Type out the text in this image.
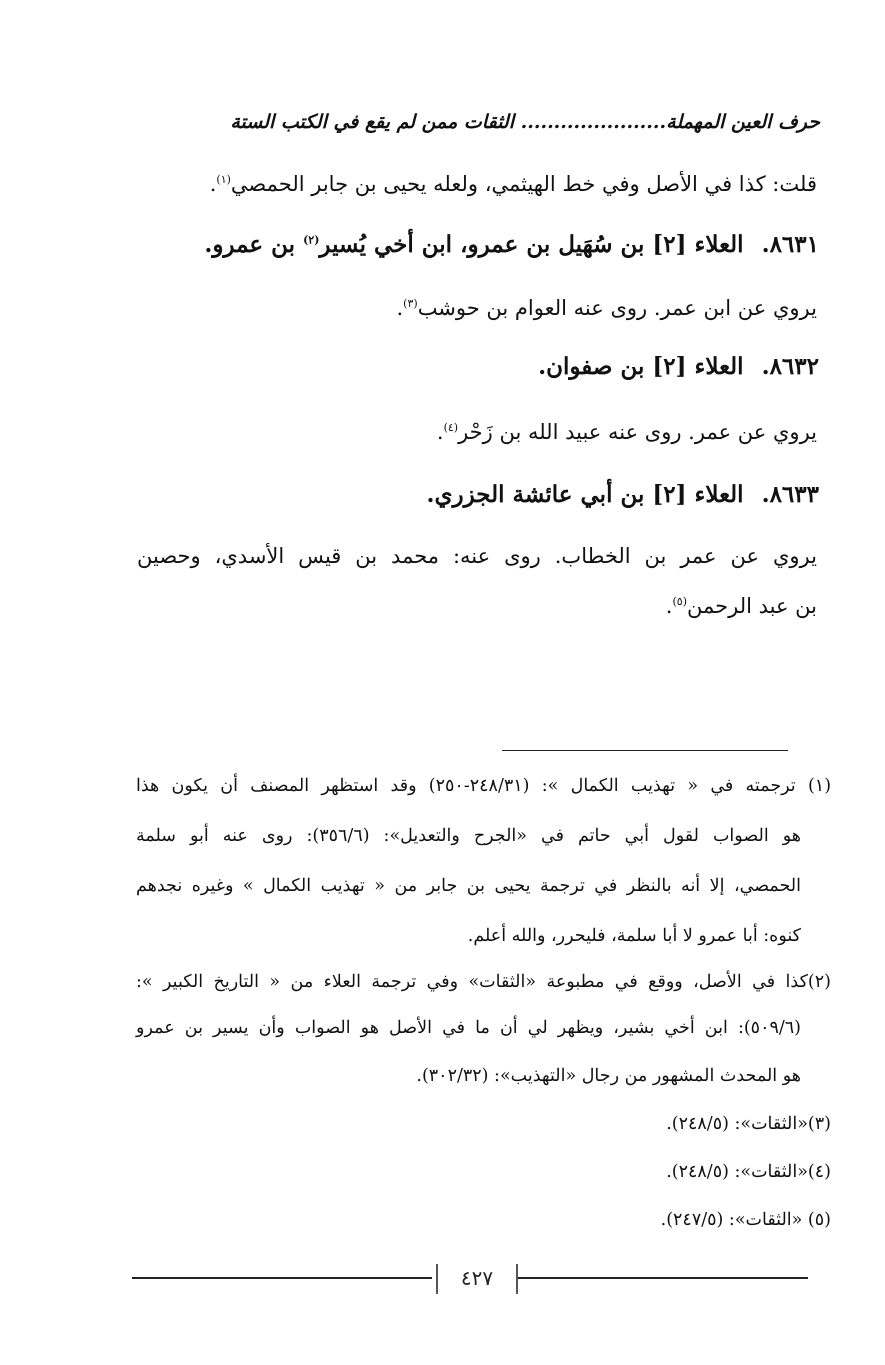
حرف العين المهملة...................... الثقات ممن لم يقع في الكتب الستة
قلت: كذا في الأصل وفي خط الهيثمي، ولعله يحيى بن جابر الحمصي$^{(١)}$.
٨٦٣١.العلاء [٢] بن سُهَيل بن عمرو، ابن أخي يُسير$^{(٢)}$ بن عمرو.
يروي عن ابن عمر. روى عنه العوام بن حوشب$^{(٣)}$.
٨٦٣٢.العلاء [٢] بن صفوان.
يروي عن عمر. روى عنه عبيد الله بن زَحْر$^{(٤)}$.
٨٦٣٣.العلاء [٢] بن أبي عائشة الجزري.
يروي عن عمر بن الخطاب. روى عنه: محمد بن قيس الأسدي، وحصين
بن عبد الرحمن$^{(٥)}$.
(١) ترجمته في « تهذيب الكمال »: (٢٤٨/٣١-٢٥٠) وقد استظهر المصنف أن يكون هذا
هو الصواب لقول أبي حاتم في «الجرح والتعديل»: (٣٥٦/٦): روى عنه أبو سلمة
الحمصي، إلا أنه بالنظر في ترجمة يحيى بن جابر من « تهذيب الكمال » وغيره نجدهم
كنوه: أبا عمرو لا أبا سلمة، فليحرر، والله أعلم.
(٢)كذا في الأصل، ووقع في مطبوعة «الثقات» وفي ترجمة العلاء من « التاريخ الكبير »:
(٥٠٩/٦): ابن أخي بشير، ويظهر لي أن ما في الأصل هو الصواب وأن يسير بن عمرو
هو المحدث المشهور من رجال «التهذيب»: (٣٠٢/٣٢).
(٣)«الثقات»: (٢٤٨/٥).
(٤)«الثقات»: (٢٤٨/٥).
(٥) «الثقات»: (٢٤٧/٥).
٤٢٧
